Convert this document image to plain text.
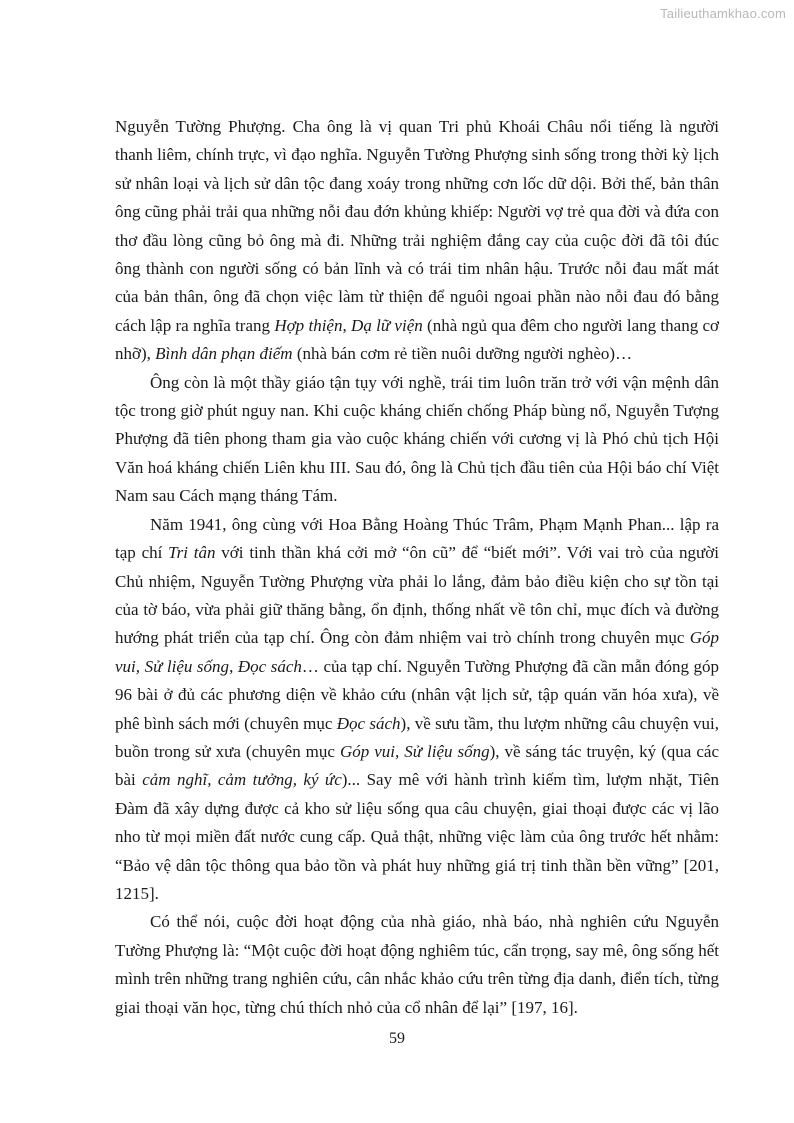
Tailieuthamkhao.com

Nguyễn Tường Phượng. Cha ông là vị quan Tri phủ Khoái Châu nổi tiếng là người thanh liêm, chính trực, vì đạo nghĩa. Nguyễn Tường Phượng sinh sống trong thời kỳ lịch sử nhân loại và lịch sử dân tộc đang xoáy trong những cơn lốc dữ dội. Bởi thế, bản thân ông cũng phải trải qua những nỗi đau đớn khủng khiếp: Người vợ trẻ qua đời và đứa con thơ đầu lòng cũng bỏ ông mà đi. Những trải nghiệm đắng cay của cuộc đời đã tôi đúc ông thành con người sống có bản lĩnh và có trái tim nhân hậu. Trước nỗi đau mất mát của bản thân, ông đã chọn việc làm từ thiện để nguôi ngoai phần nào nỗi đau đó bằng cách lập ra nghĩa trang Hợp thiện, Dạ lữ viện (nhà ngủ qua đêm cho người lang thang cơ nhỡ), Bình dân phạn điếm (nhà bán cơm rẻ tiền nuôi dưỡng người nghèo)…

Ông còn là một thầy giáo tận tụy với nghề, trái tim luôn trăn trở với vận mệnh dân tộc trong giờ phút nguy nan. Khi cuộc kháng chiến chống Pháp bùng nổ, Nguyễn Tượng Phượng đã tiên phong tham gia vào cuộc kháng chiến với cương vị là Phó chủ tịch Hội Văn hoá kháng chiến Liên khu III. Sau đó, ông là Chủ tịch đầu tiên của Hội báo chí Việt Nam sau Cách mạng tháng Tám.

Năm 1941, ông cùng với Hoa Bằng Hoàng Thúc Trâm, Phạm Mạnh Phan... lập ra tạp chí Tri tân với tinh thần khá cởi mở “ôn cũ” để “biết mới”. Với vai trò của người Chủ nhiệm, Nguyễn Tường Phượng vừa phải lo lắng, đảm bảo điều kiện cho sự tồn tại của tờ báo, vừa phải giữ thăng bằng, ổn định, thống nhất về tôn chỉ, mục đích và đường hướng phát triển của tạp chí. Ông còn đảm nhiệm vai trò chính trong chuyên mục Góp vui, Sử liệu sống, Đọc sách… của tạp chí. Nguyễn Tường Phượng đã cần mẫn đóng góp 96 bài ở đủ các phương diện về khảo cứu (nhân vật lịch sử, tập quán văn hóa xưa), về phê bình sách mới (chuyên mục Đọc sách), về sưu tầm, thu lượm những câu chuyện vui, buồn trong sử xưa (chuyên mục Góp vui, Sử liệu sống), về sáng tác truyện, ký (qua các bài cảm nghĩ, cảm tưởng, ký ức)... Say mê với hành trình kiếm tìm, lượm nhặt, Tiên Đàm đã xây dựng được cả kho sử liệu sống qua câu chuyện, giai thoại được các vị lão nho từ mọi miền đất nước cung cấp. Quả thật, những việc làm của ông trước hết nhằm: “Bảo vệ dân tộc thông qua bảo tồn và phát huy những giá trị tinh thần bền vững” [201, 1215].

Có thể nói, cuộc đời hoạt động của nhà giáo, nhà báo, nhà nghiên cứu Nguyễn Tường Phượng là: “Một cuộc đời hoạt động nghiêm túc, cẩn trọng, say mê, ông sống hết mình trên những trang nghiên cứu, cân nhắc khảo cứu trên từng địa danh, điển tích, từng giai thoại văn học, từng chú thích nhỏ của cổ nhân để lại” [197, 16].

59
